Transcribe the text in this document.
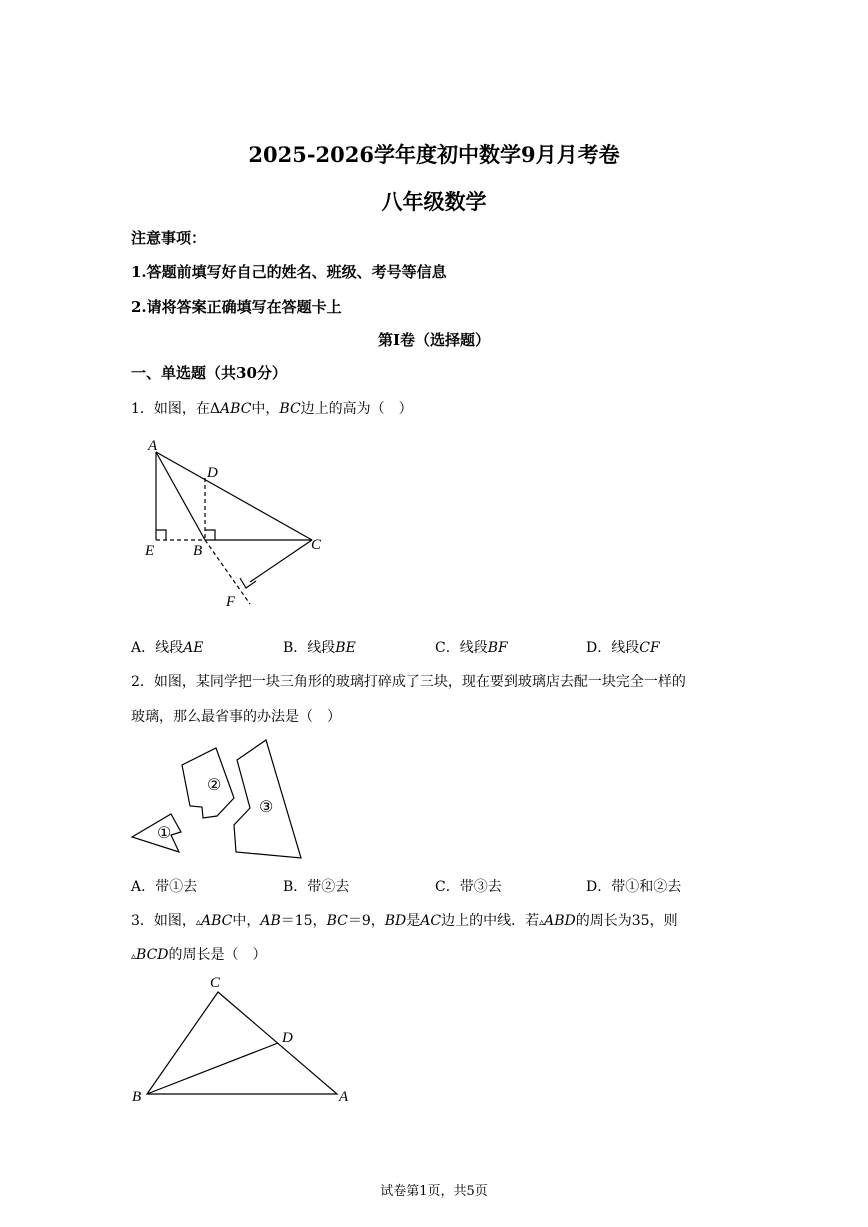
2025-2026学年度初中数学9月月考卷
八年级数学
注意事项：
1.答题前填写好自己的姓名、班级、考号等信息
2.请将答案正确填写在答题卡上
第I卷（选择题）
一、单选题（共30分）
1．如图，在ΔABC中，BC边上的高为（　）
A
D
E	B	C
F
A．线段AE	B．线段BE	C．线段BF	D．线段CF
2．如图，某同学把一块三角形的玻璃打碎成了三块，现在要到玻璃店去配一块完全一样的
玻璃，那么最省事的办法是（　）
①
②
③
A．带①去	B．带②去	C．带③去	D．带①和②去
3．如图，▵ABC中，AB＝15，BC＝9，BD是AC边上的中线．若▵ABD的周长为35，则
▵BCD的周长是（　）
C
D
B	A
试卷第1页，共5页
